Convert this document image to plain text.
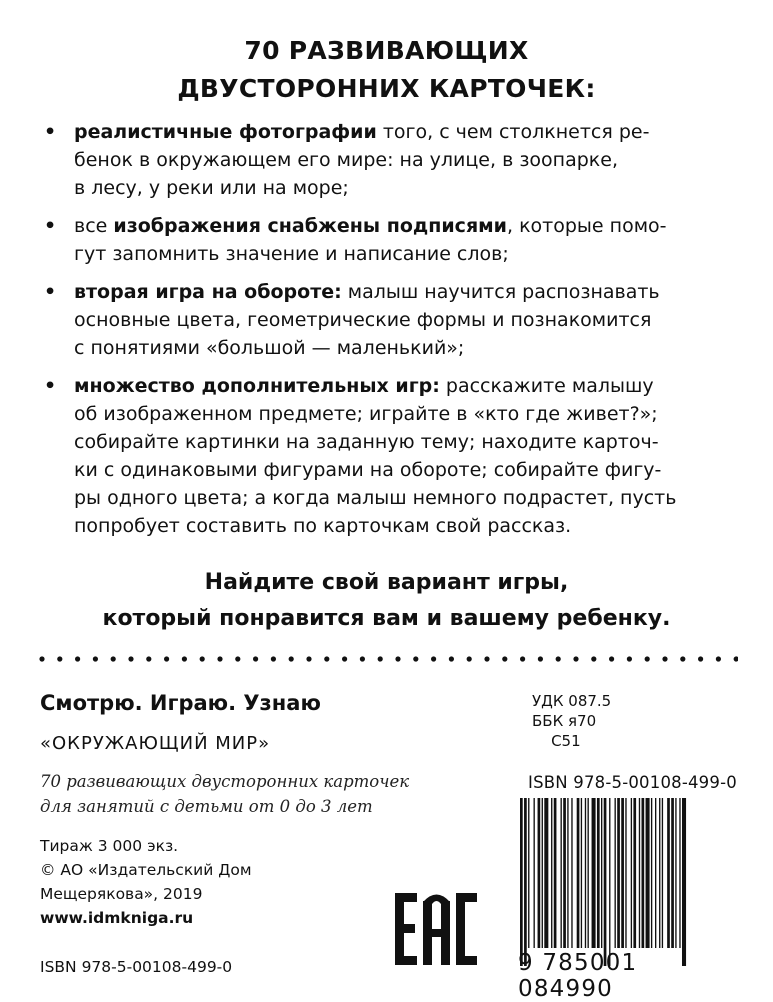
70 РАЗВИВАЮЩИХ
ДВУСТОРОННИХ КАРТОЧЕК:
• реалистичные фотографии того, с чем столкнется ре-
бенок в окружающем его мире: на улице, в зоопарке,
в лесу, у реки или на море;
• все изображения снабжены подписями, которые помо-
гут запомнить значение и написание слов;
• вторая игра на обороте: малыш научится распознавать
основные цвета, геометрические формы и познакомится
с понятиями «большой — маленький»;
• множество дополнительных игр: расскажите малышу
об изображенном предмете; играйте в «кто где живет?»;
собирайте картинки на заданную тему; находите карточ-
ки с одинаковыми фигурами на обороте; собирайте фигу-
ры одного цвета; а когда малыш немного подрастет, пусть
попробует составить по карточкам свой рассказ.
Найдите свой вариант игры,
который понравится вам и вашему ребенку.
Смотрю. Играю. Узнаю
«ОКРУЖАЮЩИЙ МИР»
70 развивающих двусторонних карточек
для занятий с детьми от 0 до 3 лет
Тираж 3 000 экз.
© АО «Издательский Дом
Мещерякова», 2019
www.idmkniga.ru
ISBN 978-5-00108-499-0
УДК 087.5
ББК я70
С51
ISBN 978-5-00108-499-0
9 785001 084990
